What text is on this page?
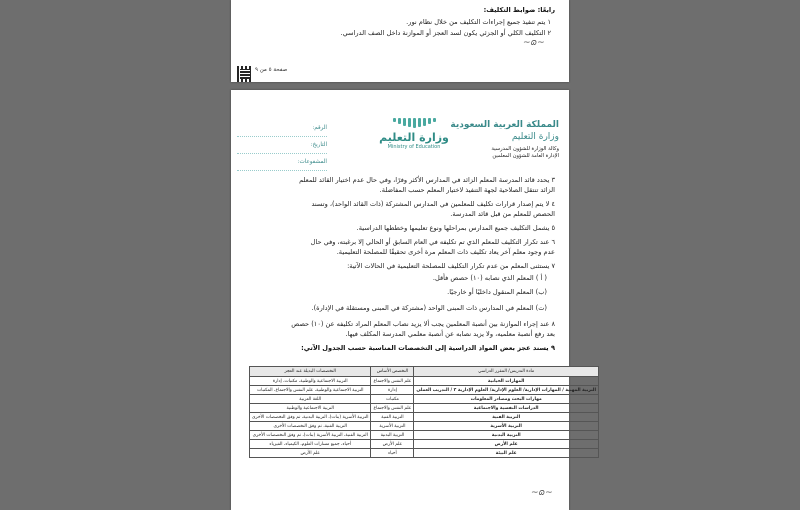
رابعًا: ضوابط التكليف:
١ يتم تنفيذ جميع إجراءات التكليف من خلال نظام نور.
٢ التكليف الكلي أو الجزئي يكون لسد العجز أو الموازنة داخل الصف الدراسي.
~ɷ~
صفحة ٥ من ٩
المملكة العربية السعودية
وزارة التعليم
وكالة الوزارة للشؤون المدرسية
الإدارة العامة للشؤون المعلمين
وزارة التعليم
Ministry of Education
الرقم:
التاريخ:
المشفوعات:
٣ يحدد قائد المدرسة المعلم الزائد في المدارس الأكثر وفرًا، وفي حال عدم اختيار القائد للمعلم
الزائد تنتقل الصلاحية لجهة التنفيذ لاختيار المعلم حسب المفاضلة.
٤ لا يتم إصدار قرارات تكليف للمعلمين في المدارس المشتركة (ذات القائد الواحد)، وتسند
الحصص للمعلم من قبل قائد المدرسة.
٥ يشمل التكليف جميع المدارس بمراحلها ونوع تعليمها وخططها الدراسية.
٦ عند تكرار التكليف للمعلم الذي تم تكليفه في العام السابق أو الحالي إلا برغبته، وفي حال
عدم وجود معلم آخر يعاد تكليف ذات المعلم مرة أخرى تحقيقًا للمصلحة التعليمية.
٧ يستثنى المعلم من عدم تكرار التكليف للمصلحة التعليمية في الحالات الآتية:
( أ ) المعلم الذي نصابه (١٠) حصص فأقل.
(ب) المعلم المنقول داخليًا أو خارجيًا.
(ت) المعلم في المدارس ذات المبنى الواحد (مشتركة في المبنى ومستقلة في الإدارة).
٨ عند إجراء الموازنة بين أنصبة المعلمين يجب ألا يزيد نصاب المعلم المراد تكليفه عن (١٠) حصص
بعد رفع أنصبة معلميه، ولا يزيد نصابه عن أنصبة معلمي المدرسة المكلف فيها.
٩ يسند عجز بعض المواد الدراسية إلى التخصصات المناسبة حسب الجدول الآتي:
مادة التدريس/ المقرر الدراسي	التخصص الأساس	التخصصات البديلة عند العجز
المهارات الحياتية	علم النفس والاجتماع	التربية الاجتماعية والوطنية، مكتبات، إدارة
التربية المهنية / المهارات الإدارية/ العلوم الإدارية/ العلوم الإدارية ٢ / التدريب العملي	إدارة	التربية الاجتماعية والوطنية، علم النفس والاجتماع، المكتبات
مهارات البحث ومصادر المعلومات	مكتبات	اللغة العربية
الدراسات النفسية والاجتماعية	علم النفس والاجتماع	التربية الاجتماعية والوطنية
التربية الفنية	التربية الفنية	التربية الأسرية (بنات)، التربية البدنية، ثم وفق التخصصات الأخرى
التربية الأسرية	التربية الأسرية	التربية الفنية، ثم وفق التخصصات الأخرى
التربية البدنية	التربية البدنية	التربية الفنية، التربية الأسرية (بنات)، ثم وفق التخصصات الأخرى
علم الأرض	علم الأرض	أحياء، جميع مسارات العلوم، الكيمياء، الفيزياء
علم البيئة	أحياء	علم الأرض
~ɷ~
